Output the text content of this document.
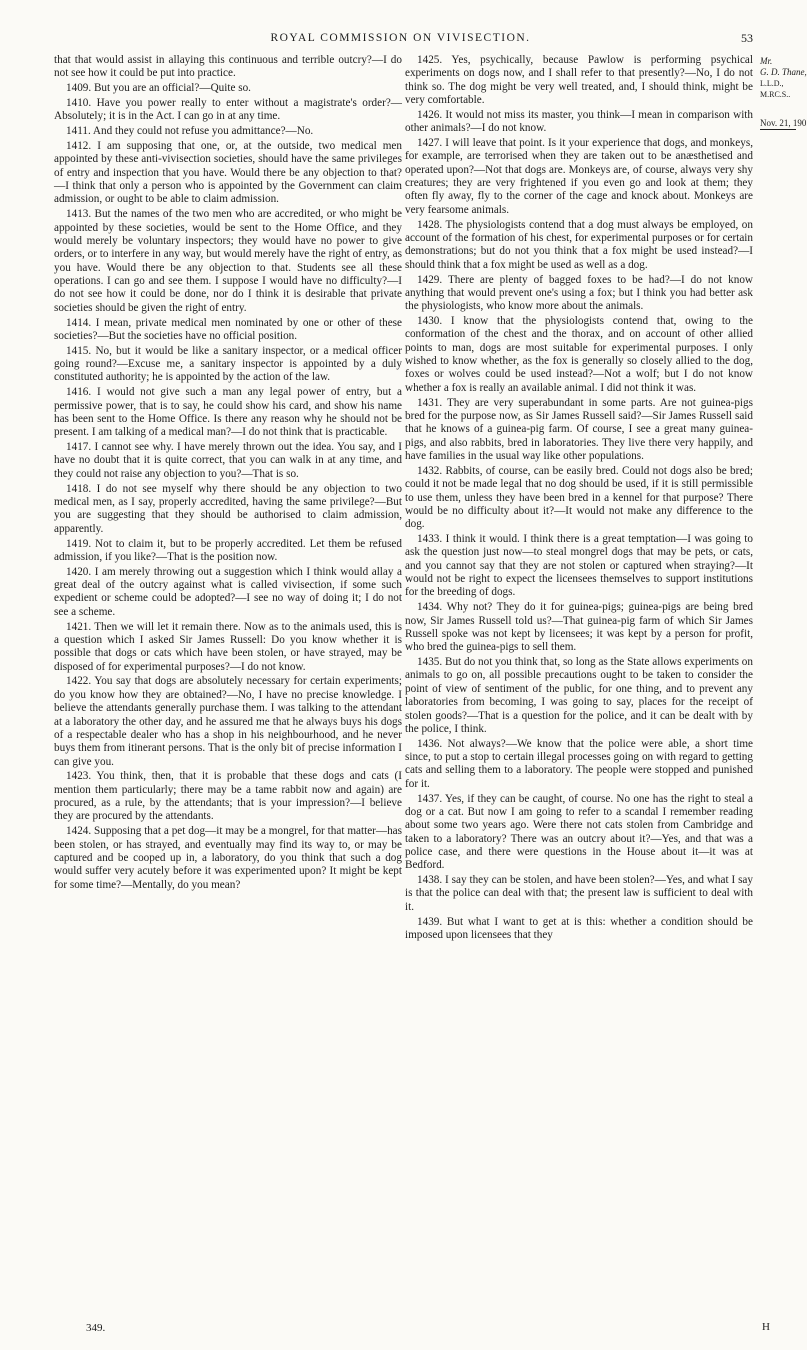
ROYAL COMMISSION ON VIVISECTION.	53

that that would assist in allaying this continuous and terrible outcry?—I do not see how it could be put into practice.

1409. But you are an official?—Quite so.

1410. Have you power really to enter without a magistrate's order?—Absolutely; it is in the Act. I can go in at any time.

1411. And they could not refuse you admittance?—No.

1412. I am supposing that one, or, at the outside, two medical men appointed by these anti-vivisection societies, should have the same privileges of entry and inspection that you have. Would there be any objection to that?—I think that only a person who is appointed by the Government can claim admission, or ought to be able to claim admission.

1413. But the names of the two men who are accredited, or who might be appointed by these societies, would be sent to the Home Office, and they would merely be voluntary inspectors; they would have no power to give orders, or to interfere in any way, but would merely have the right of entry, as you have. Would there be any objection to that. Students see all these operations. I can go and see them. I suppose I would have no difficulty?—I do not see how it could be done, nor do I think it is desirable that private societies should be given the right of entry.

1414. I mean, private medical men nominated by one or other of these societies?—But the societies have no official position.

1415. No, but it would be like a sanitary inspector, or a medical officer going round?—Excuse me, a sanitary inspector is appointed by a duly constituted authority; he is appointed by the action of the law.

1416. I would not give such a man any legal power of entry, but a permissive power, that is to say, he could show his card, and show his name has been sent to the Home Office. Is there any reason why he should not be present. I am talking of a medical man?—I do not think that is practicable.

1417. I cannot see why. I have merely thrown out the idea. You say, and I have no doubt that it is quite correct, that you can walk in at any time, and they could not raise any objection to you?—That is so.

1418. I do not see myself why there should be any objection to two medical men, as I say, properly accredited, having the same privilege?—But you are suggesting that they should be authorised to claim admission, apparently.

1419. Not to claim it, but to be properly accredited. Let them be refused admission, if you like?—That is the position now.

1420. I am merely throwing out a suggestion which I think would allay a great deal of the outcry against what is called vivisection, if some such expedient or scheme could be adopted?—I see no way of doing it; I do not see a scheme.

1421. Then we will let it remain there. Now as to the animals used, this is a question which I asked Sir James Russell: Do you know whether it is possible that dogs or cats which have been stolen, or have strayed, may be disposed of for experimental purposes?—I do not know.

1422. You say that dogs are absolutely necessary for certain experiments; do you know how they are obtained?—No, I have no precise knowledge. I believe the attendants generally purchase them. I was talking to the attendant at a laboratory the other day, and he assured me that he always buys his dogs of a respectable dealer who has a shop in his neighbourhood, and he never buys them from itinerant persons. That is the only bit of precise information I can give you.

1423. You think, then, that it is probable that these dogs and cats (I mention them particularly; there may be a tame rabbit now and again) are procured, as a rule, by the attendants; that is your impression?—I believe they are procured by the attendants.

1424. Supposing that a pet dog—it may be a mongrel, for that matter—has been stolen, or has strayed, and eventually may find its way to, or may be captured and be cooped up in, a laboratory, do you think that such a dog would suffer very acutely before it was experimented upon? It might be kept for some time?—Mentally, do you mean?

1425. Yes, psychically, because Pawlow is performing psychical experiments on dogs now, and I shall refer to that presently?—No, I do not think so. The dog might be very well treated, and, I should think, might be very comfortable.

1426. It would not miss its master, you think—I mean in comparison with other animals?—I do not know.

1427. I will leave that point. Is it your experience that dogs, and monkeys, for example, are terrorised when they are taken out to be anæsthetised and operated upon?—Not that dogs are. Monkeys are, of course, always very shy creatures; they are very frightened if you even go and look at them; they often fly away, fly to the corner of the cage and knock about. Monkeys are very fearsome animals.

1428. The physiologists contend that a dog must always be employed, on account of the formation of his chest, for experimental purposes or for certain demonstrations; but do not you think that a fox might be used instead?—I should think that a fox might be used as well as a dog.

1429. There are plenty of bagged foxes to be had?—I do not know anything that would prevent one's using a fox; but I think you had better ask the physiologists, who know more about the animals.

1430. I know that the physiologists contend that, owing to the conformation of the chest and the thorax, and on account of other allied points to man, dogs are most suitable for experimental purposes. I only wished to know whether, as the fox is generally so closely allied to the dog, foxes or wolves could be used instead?—Not a wolf; but I do not know whether a fox is really an available animal. I did not think it was.

1431. They are very superabundant in some parts. Are not guinea-pigs bred for the purpose now, as Sir James Russell said?—Sir James Russell said that he knows of a guinea-pig farm. Of course, I see a great many guinea-pigs, and also rabbits, bred in laboratories. They live there very happily, and have families in the usual way like other populations.

1432. Rabbits, of course, can be easily bred. Could not dogs also be bred; could it not be made legal that no dog should be used, if it is still permissible to use them, unless they have been bred in a kennel for that purpose? There would be no difficulty about it?—It would not make any difference to the dog.

1433. I think it would. I think there is a great temptation—I was going to ask the question just now—to steal mongrel dogs that may be pets, or cats, and you cannot say that they are not stolen or captured when straying?—It would not be right to expect the licensees themselves to support institutions for the breeding of dogs.

1434. Why not? They do it for guinea-pigs; guinea-pigs are being bred now, Sir James Russell told us?—That guinea-pig farm of which Sir James Russell spoke was not kept by licensees; it was kept by a person for profit, who bred the guinea-pigs to sell them.

1435. But do not you think that, so long as the State allows experiments on animals to go on, all possible precautions ought to be taken to consider the point of view of sentiment of the public, for one thing, and to prevent any laboratories from becoming, I was going to say, places for the receipt of stolen goods?—That is a question for the police, and it can be dealt with by the police, I think.

1436. Not always?—We know that the police were able, a short time since, to put a stop to certain illegal processes going on with regard to getting cats and selling them to a laboratory. The people were stopped and punished for it.

1437. Yes, if they can be caught, of course. No one has the right to steal a dog or a cat. But now I am going to refer to a scandal I remember reading about some two years ago. Were there not cats stolen from Cambridge and taken to a laboratory? There was an outcry about it?—Yes, and that was a police case, and there were questions in the House about it—it was at Bedford.

1438. I say they can be stolen, and have been stolen?—Yes, and what I say is that the police can deal with that; the present law is sufficient to deal with it.

1439. But what I want to get at is this: whether a condition should be imposed upon licensees that they

Mr.
G. D. Thane,
L.L.D.,
M.RC.S..
Nov. 21, 190
349.	H
